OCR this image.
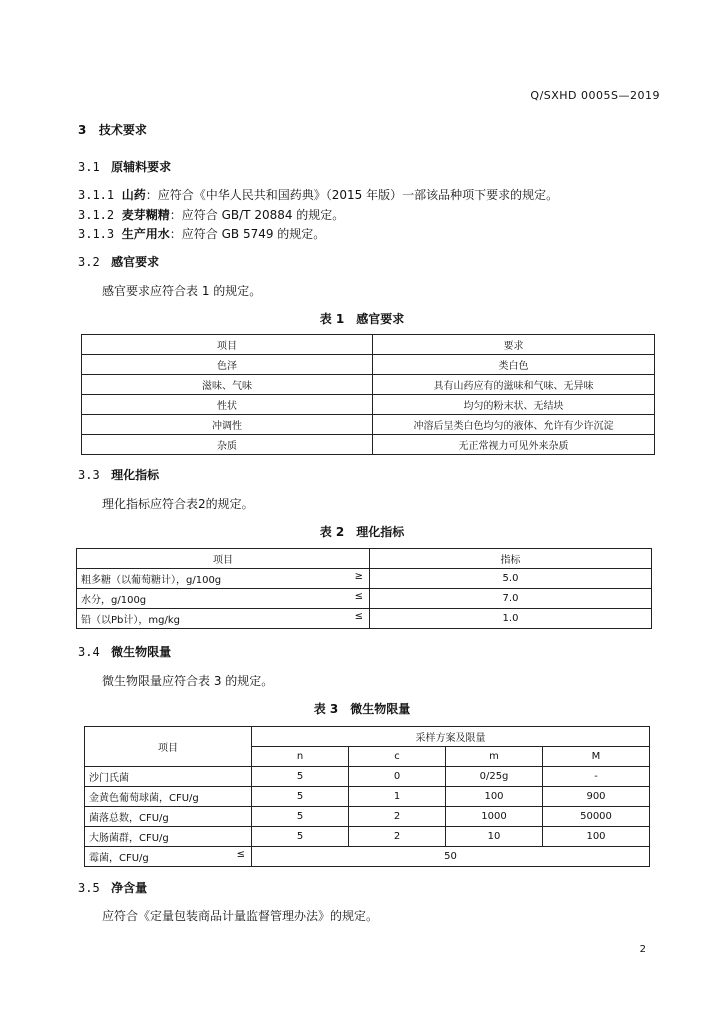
Q/SXHD 0005S—2019
3 技术要求
3.1 原辅料要求
3.1.1 山药：应符合《中华人民共和国药典》（2015 年版）一部该品种项下要求的规定。
3.1.2 麦芽糊精：应符合 GB/T 20884 的规定。
3.1.3 生产用水：应符合 GB 5749 的规定。
3.2 感官要求
感官要求应符合表 1 的规定。
表 1　感官要求
项目	要求
色泽	类白色
滋味、气味	具有山药应有的滋味和气味、无异味
性状	均匀的粉末状、无结块
冲调性	冲溶后呈类白色均匀的液体、允许有少许沉淀
杂质	无正常视力可见外来杂质
3.3 理化指标
理化指标应符合表2的规定。
表 2　理化指标
项目	指标
粗多糖（以葡萄糖计），g/100g ≥	5.0
水分，g/100g ≤	7.0
铅（以Pb计），mg/kg ≤	1.0
3.4 微生物限量
微生物限量应符合表 3 的规定。
表 3　微生物限量
项目	采样方案及限量			
	n	c	m	M
沙门氏菌	5	0	0/25g	-
金黄色葡萄球菌，CFU/g	5	1	100	900
菌落总数，CFU/g	5	2	1000	50000
大肠菌群，CFU/g	5	2	10	100
霉菌，CFU/g ≤	50			
3.5 净含量
应符合《定量包装商品计量监督管理办法》的规定。
2
